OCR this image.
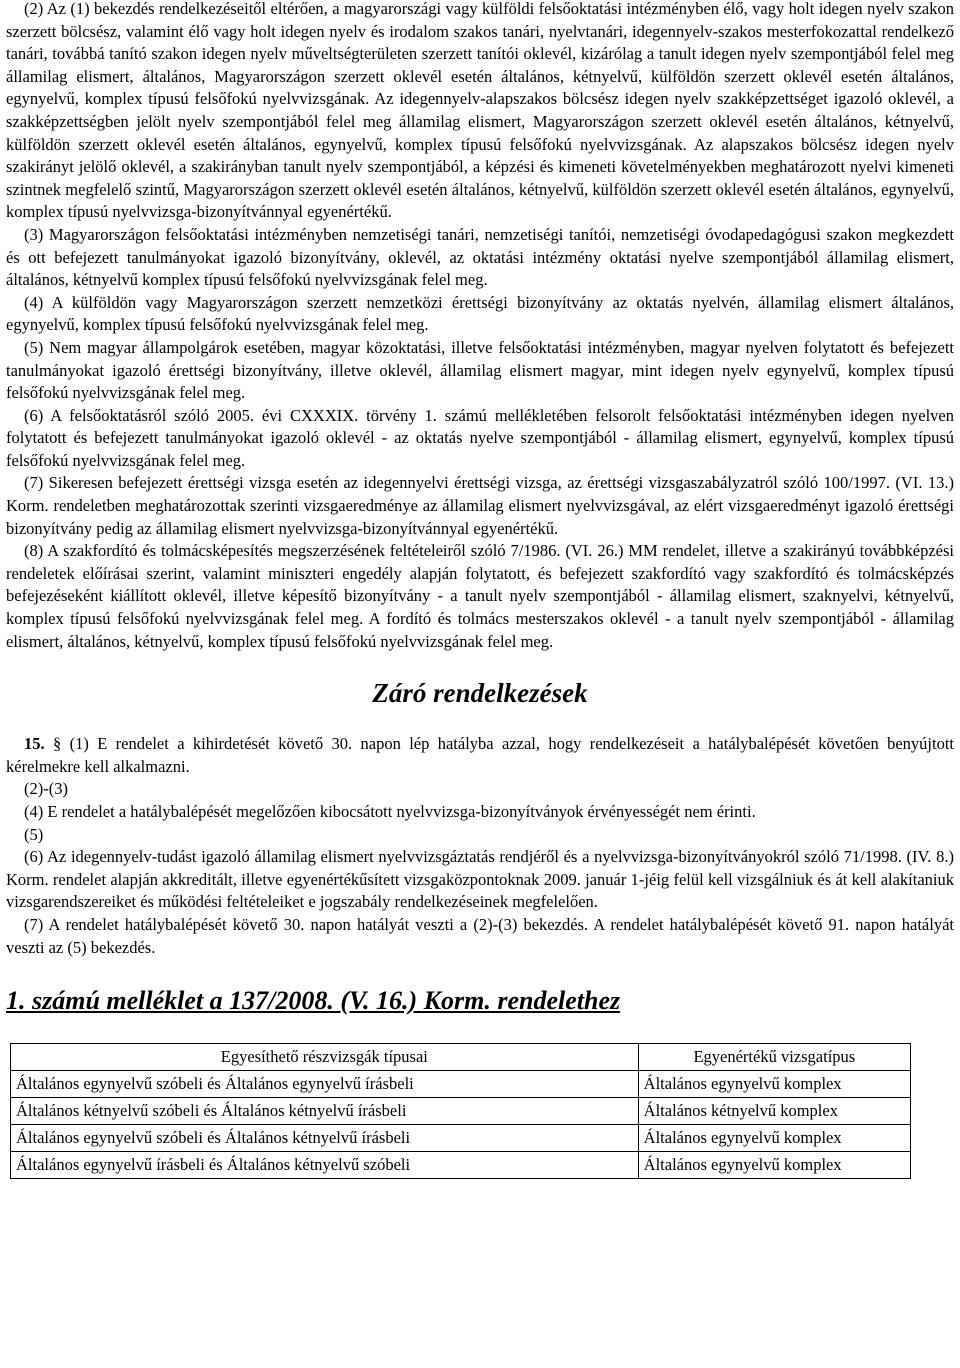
(2) Az (1) bekezdés rendelkezéseitől eltérően, a magyarországi vagy külföldi felsőoktatási intézményben élő, vagy holt idegen nyelv szakon szerzett bölcsész, valamint élő vagy holt idegen nyelv és irodalom szakos tanári, nyelvtanári, idegennyelv-szakos mesterfokozattal rendelkező tanári, továbbá tanító szakon idegen nyelv műveltségterületen szerzett tanítói oklevél, kizárólag a tanult idegen nyelv szempontjából felel meg államilag elismert, általános, Magyarországon szerzett oklevél esetén általános, kétnyelvű, külföldön szerzett oklevél esetén általános, egynyelvű, komplex típusú felsőfokú nyelvvizsgának. Az idegennyelv-alapszakos bölcsész idegen nyelv szakképzettséget igazoló oklevél, a szakképzettségben jelölt nyelv szempontjából felel meg államilag elismert, Magyarországon szerzett oklevél esetén általános, kétnyelvű, külföldön szerzett oklevél esetén általános, egynyelvű, komplex típusú felsőfokú nyelvvizsgának. Az alapszakos bölcsész idegen nyelv szakirányt jelölő oklevél, a szakirányban tanult nyelv szempontjából, a képzési és kimeneti követelményekben meghatározott nyelvi kimeneti szintnek megfelelő szintű, Magyarországon szerzett oklevél esetén általános, kétnyelvű, külföldön szerzett oklevél esetén általános, egynyelvű, komplex típusú nyelvvizsga-bizonyítvánnyal egyenértékű.

(3) Magyarországon felsőoktatási intézményben nemzetiségi tanári, nemzetiségi tanítói, nemzetiségi óvodapedagógusi szakon megkezdett és ott befejezett tanulmányokat igazoló bizonyítvány, oklevél, az oktatási intézmény oktatási nyelve szempontjából államilag elismert, általános, kétnyelvű komplex típusú felsőfokú nyelvvizsgának felel meg.

(4) A külföldön vagy Magyarországon szerzett nemzetközi érettségi bizonyítvány az oktatás nyelvén, államilag elismert általános, egynyelvű, komplex típusú felsőfokú nyelvvizsgának felel meg.

(5) Nem magyar állampolgárok esetében, magyar közoktatási, illetve felsőoktatási intézményben, magyar nyelven folytatott és befejezett tanulmányokat igazoló érettségi bizonyítvány, illetve oklevél, államilag elismert magyar, mint idegen nyelv egynyelvű, komplex típusú felsőfokú nyelvvizsgának felel meg.

(6) A felsőoktatásról szóló 2005. évi CXXXIX. törvény 1. számú mellékletében felsorolt felsőoktatási intézményben idegen nyelven folytatott és befejezett tanulmányokat igazoló oklevél - az oktatás nyelve szempontjából - államilag elismert, egynyelvű, komplex típusú felsőfokú nyelvvizsgának felel meg.

(7) Sikeresen befejezett érettségi vizsga esetén az idegennyelvi érettségi vizsga, az érettségi vizsgaszabályzatról szóló 100/1997. (VI. 13.) Korm. rendeletben meghatározottak szerinti vizsgaeredménye az államilag elismert nyelvvizsgával, az elért vizsgaeredményt igazoló érettségi bizonyítvány pedig az államilag elismert nyelvvizsga-bizonyítvánnyal egyenértékű.

(8) A szakfordító és tolmácsképesítés megszerzésének feltételeiről szóló 7/1986. (VI. 26.) MM rendelet, illetve a szakirányú továbbképzési rendeletek előírásai szerint, valamint miniszteri engedély alapján folytatott, és befejezett szakfordító vagy szakfordító és tolmácsképzés befejezéseként kiállított oklevél, illetve képesítő bizonyítvány - a tanult nyelv szempontjából - államilag elismert, szaknyelvi, kétnyelvű, komplex típusú felsőfokú nyelvvizsgának felel meg. A fordító és tolmács mesterszakos oklevél - a tanult nyelv szempontjából - államilag elismert, általános, kétnyelvű, komplex típusú felsőfokú nyelvvizsgának felel meg.

Záró rendelkezések

15. § (1) E rendelet a kihirdetését követő 30. napon lép hatályba azzal, hogy rendelkezéseit a hatálybalépését követően benyújtott kérelmekre kell alkalmazni.

(2)-(3)

(4) E rendelet a hatálybalépését megelőzően kibocsátott nyelvvizsga-bizonyítványok érvényességét nem érinti.

(5)

(6) Az idegennyelv-tudást igazoló államilag elismert nyelvvizsgáztatás rendjéről és a nyelvvizsga-bizonyítványokról szóló 71/1998. (IV. 8.) Korm. rendelet alapján akkreditált, illetve egyenértékűsített vizsgaközpontoknak 2009. január 1-jéig felül kell vizsgálniuk és át kell alakítaniuk vizsgarendszereiket és működési feltételeiket e jogszabály rendelkezéseinek megfelelően.

(7) A rendelet hatálybalépését követő 30. napon hatályát veszti a (2)-(3) bekezdés. A rendelet hatálybalépését követő 91. napon hatályát veszti az (5) bekezdés.

1. számú melléklet a 137/2008. (V. 16.) Korm. rendelethez
Egyesíthető részvizsgák típusai	Egyenértékű vizsgatípus
Általános egynyelvű szóbeli és Általános egynyelvű írásbeli	Általános egynyelvű komplex
Általános kétnyelvű szóbeli és Általános kétnyelvű írásbeli	Általános kétnyelvű komplex
Általános egynyelvű szóbeli és Általános kétnyelvű írásbeli	Általános egynyelvű komplex
Általános egynyelvű írásbeli és Általános kétnyelvű szóbeli	Általános egynyelvű komplex
